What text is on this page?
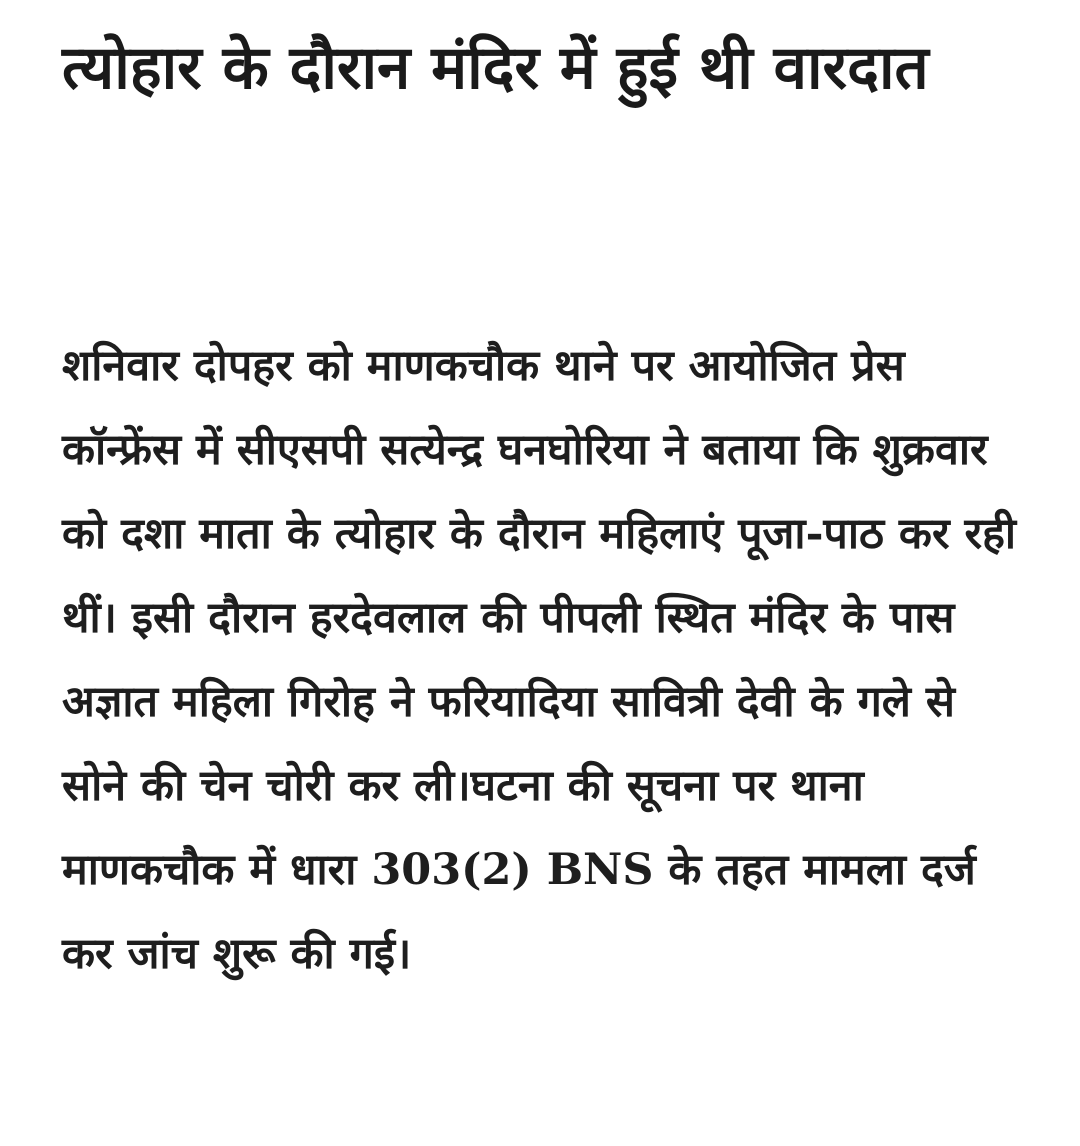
त्योहार के दौरान मंदिर में हुई थी वारदात

शनिवार दोपहर को माणकचौक थाने पर आयोजित प्रेस कॉन्फ्रेंस में सीएसपी सत्येन्द्र घनघोरिया ने बताया कि शुक्रवार को दशा माता के त्योहार के दौरान महिलाएं पूजा-पाठ कर रही थीं। इसी दौरान हरदेवलाल की पीपली स्थित मंदिर के पास अज्ञात महिला गिरोह ने फरियादिया सावित्री देवी के गले से सोने की चेन चोरी कर ली।घटना की सूचना पर थाना माणकचौक में धारा 303(2) BNS के तहत मामला दर्ज कर जांच शुरू की गई।
